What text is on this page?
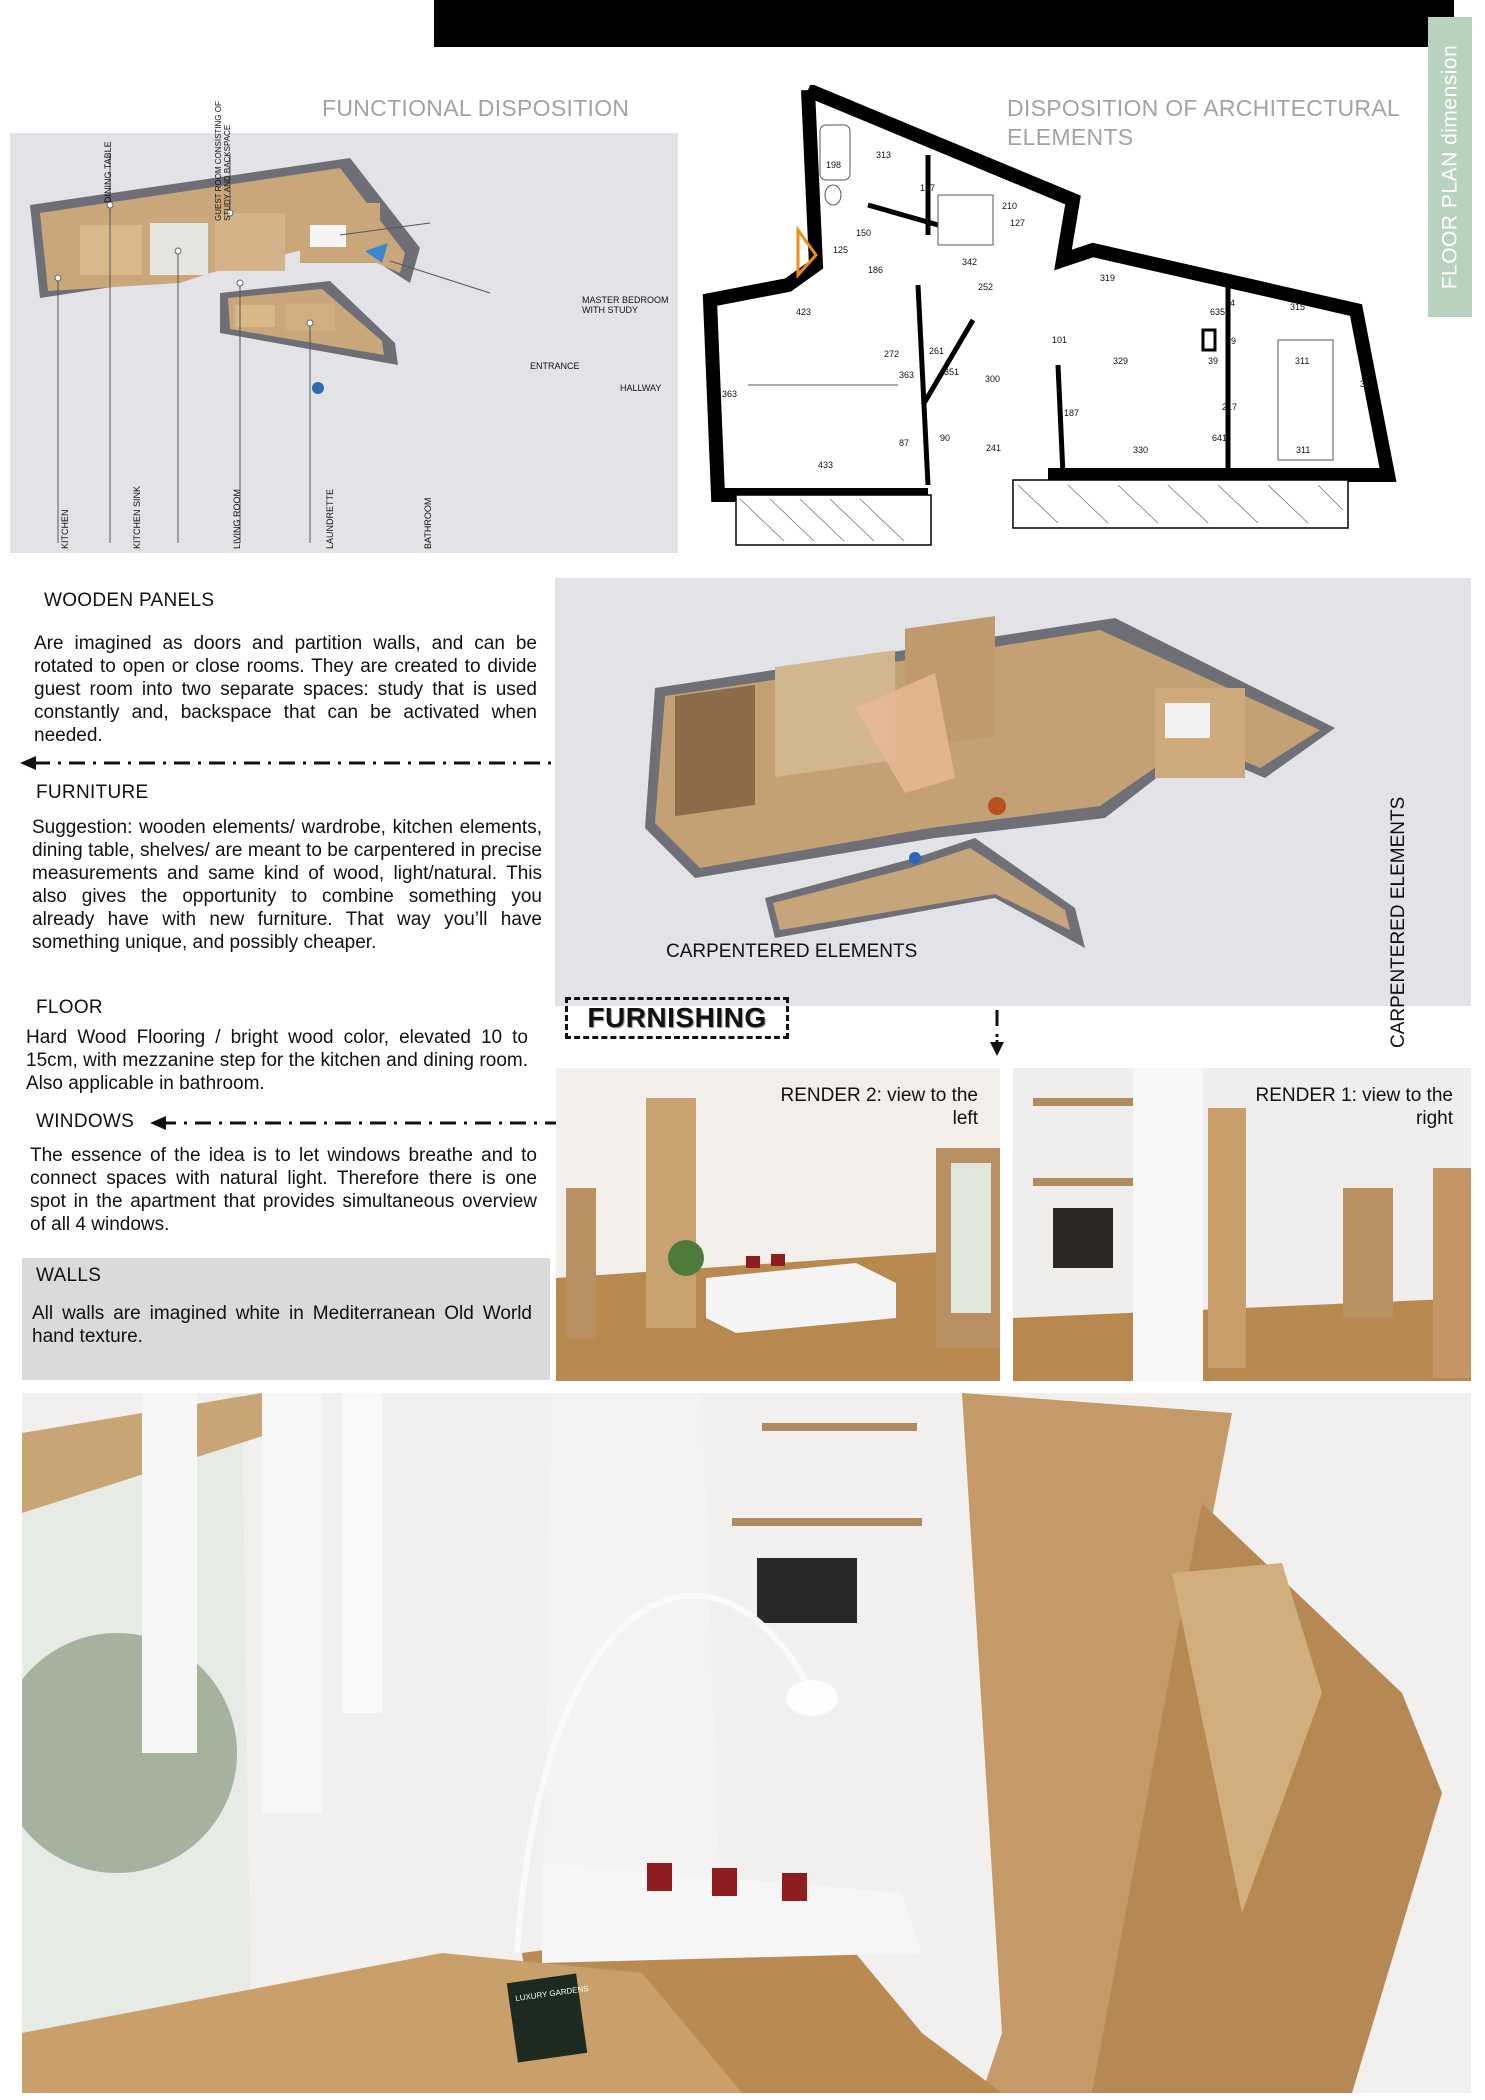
FLOOR PLAN dimension
FUNCTIONAL DISPOSITION
DINING TABLE	GUEST ROOM CONSISTING OF STUDY AND BACKSPACE
MASTER BEDROOM WITH STUDY
ENTRANCE
HALLWAY
KITCHEN	KITCHEN SINK	LIVING ROOM	LAUNDRETTE	BATHROOM
DISPOSITION OF ARCHITECTURAL ELEMENTS
198
313
127
210
127
150
125
342
186
252
319
94
635	315
423
272	261
101	59
363
363	351
300
329	39	311
315
187
217
87	90
241
641
433
330	311
WOODEN PANELS
Are imagined as doors and partition walls, and can be rotated to open or close rooms. They are created to divide guest room into two separate spaces: study that is used constantly and, backspace that can be activated when needed.
FURNITURE
Suggestion: wooden elements/ wardrobe, kitchen elements, dining table, shelves/ are meant to be carpentered in precise measurements and same kind of wood, light/natural. This also gives the opportunity to combine something you already have with new furniture. That way you’ll have something unique, and possibly cheaper.
FLOOR
Hard Wood Flooring / bright wood color, elevated 10 to 15cm, with mezzanine step for the kitchen and dining room. Also applicable in bathroom.
WINDOWS
The essence of the idea is to let windows breathe and to connect spaces with natural light. Therefore there is one spot in the apartment that provides simultaneous overview of all 4 windows.
WALLS
All walls are imagined white in Mediterranean Old World hand texture.
CARPENTERED ELEMENTS	CARPENTERED ELEMENTS
FURNISHING
RENDER 2: view to the left
RENDER 1: view to the right
LUXURY GARDENS
